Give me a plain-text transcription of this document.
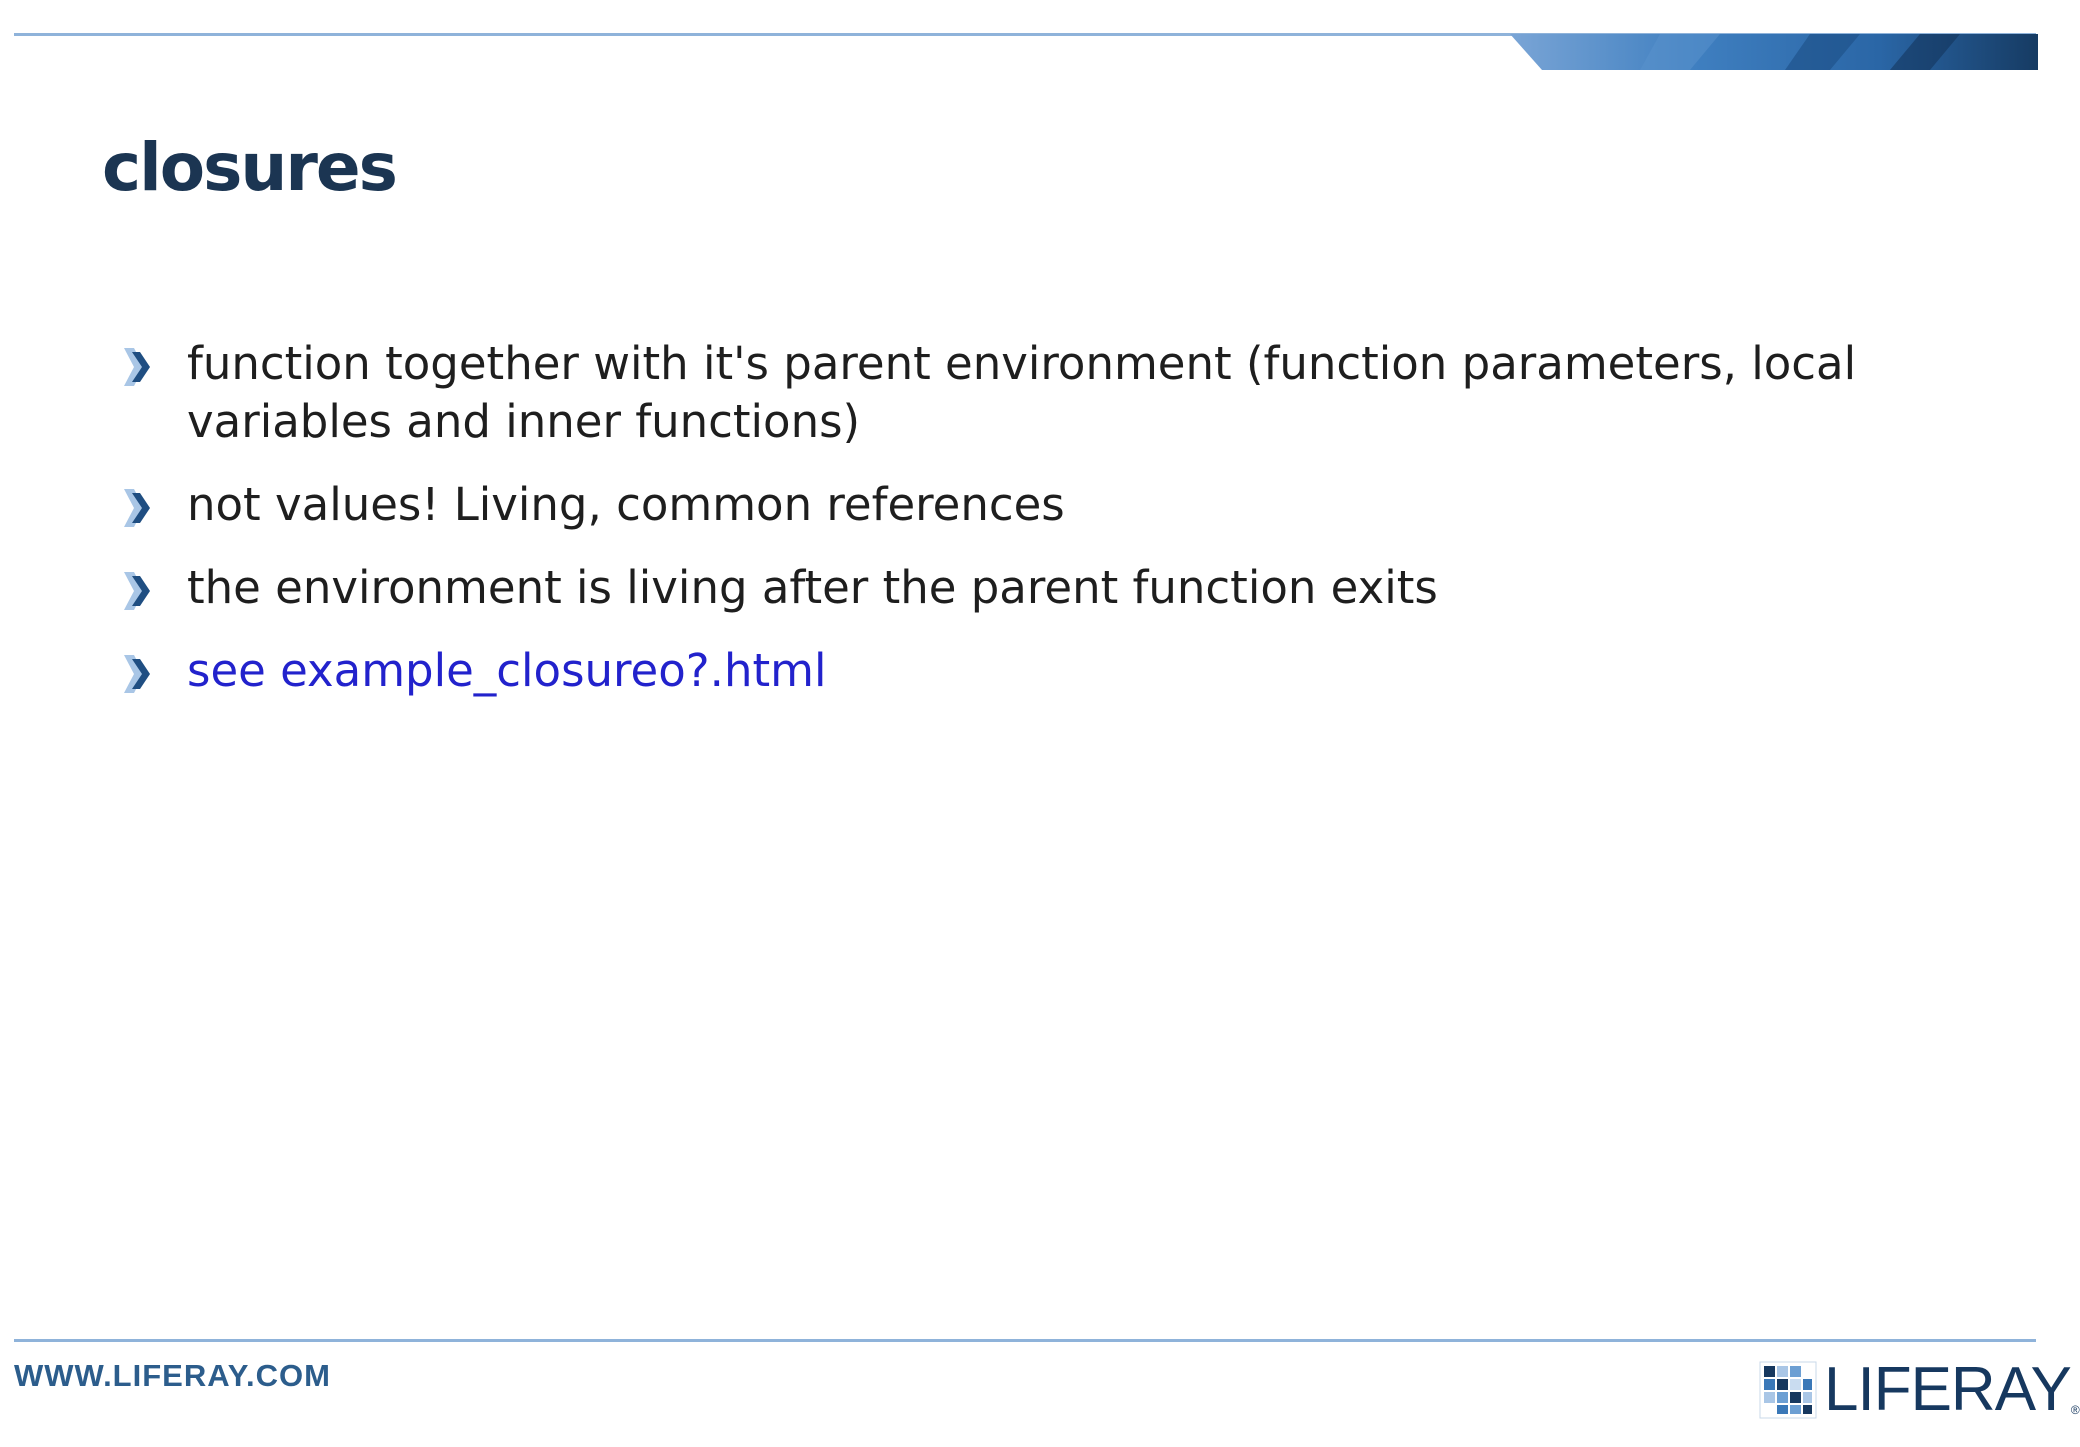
closures
function together with it's parent environment (function parameters, local variables and inner functions)
not values! Living, common references
the environment is living after the parent function exits
see example_closureo?.html
WWW.LIFERAY.COM	LIFERAY ®
